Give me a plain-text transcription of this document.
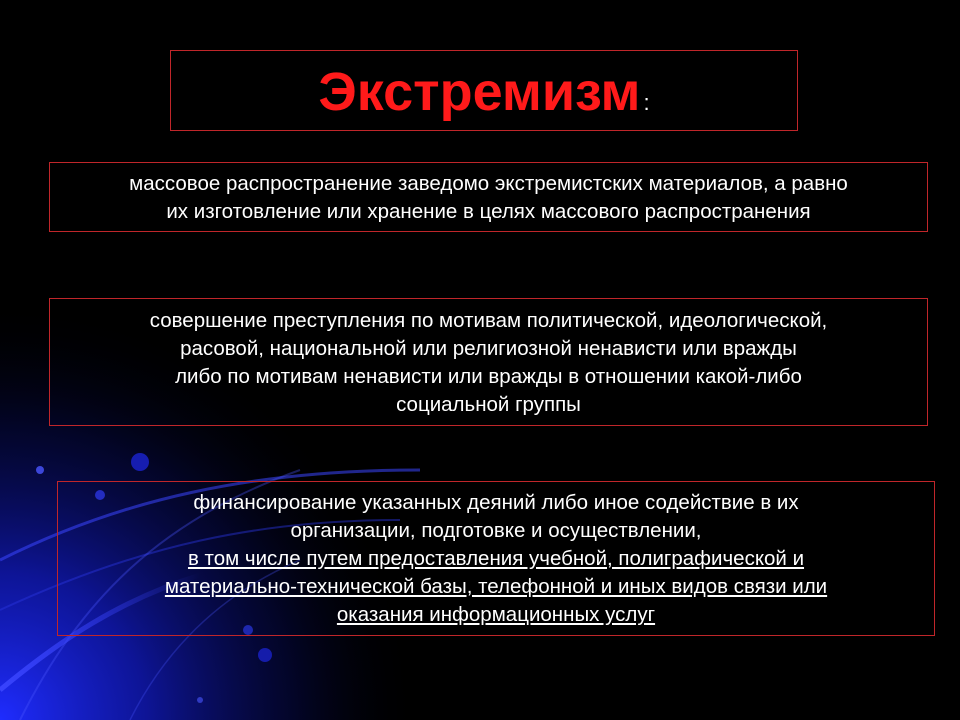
Экстремизм :
массовое распространение заведомо экстремистских материалов, а равно
их изготовление или хранение в целях массового распространения
совершение преступления по мотивам политической, идеологической,
расовой, национальной или религиозной ненависти или вражды
либо по мотивам ненависти или вражды в отношении какой-либо
социальной группы
финансирование указанных деяний либо иное содействие в их
организации, подготовке и осуществлении,
в том числе путем предоставления учебной, полиграфической и
материально-технической базы, телефонной и иных видов связи или
оказания информационных услуг
